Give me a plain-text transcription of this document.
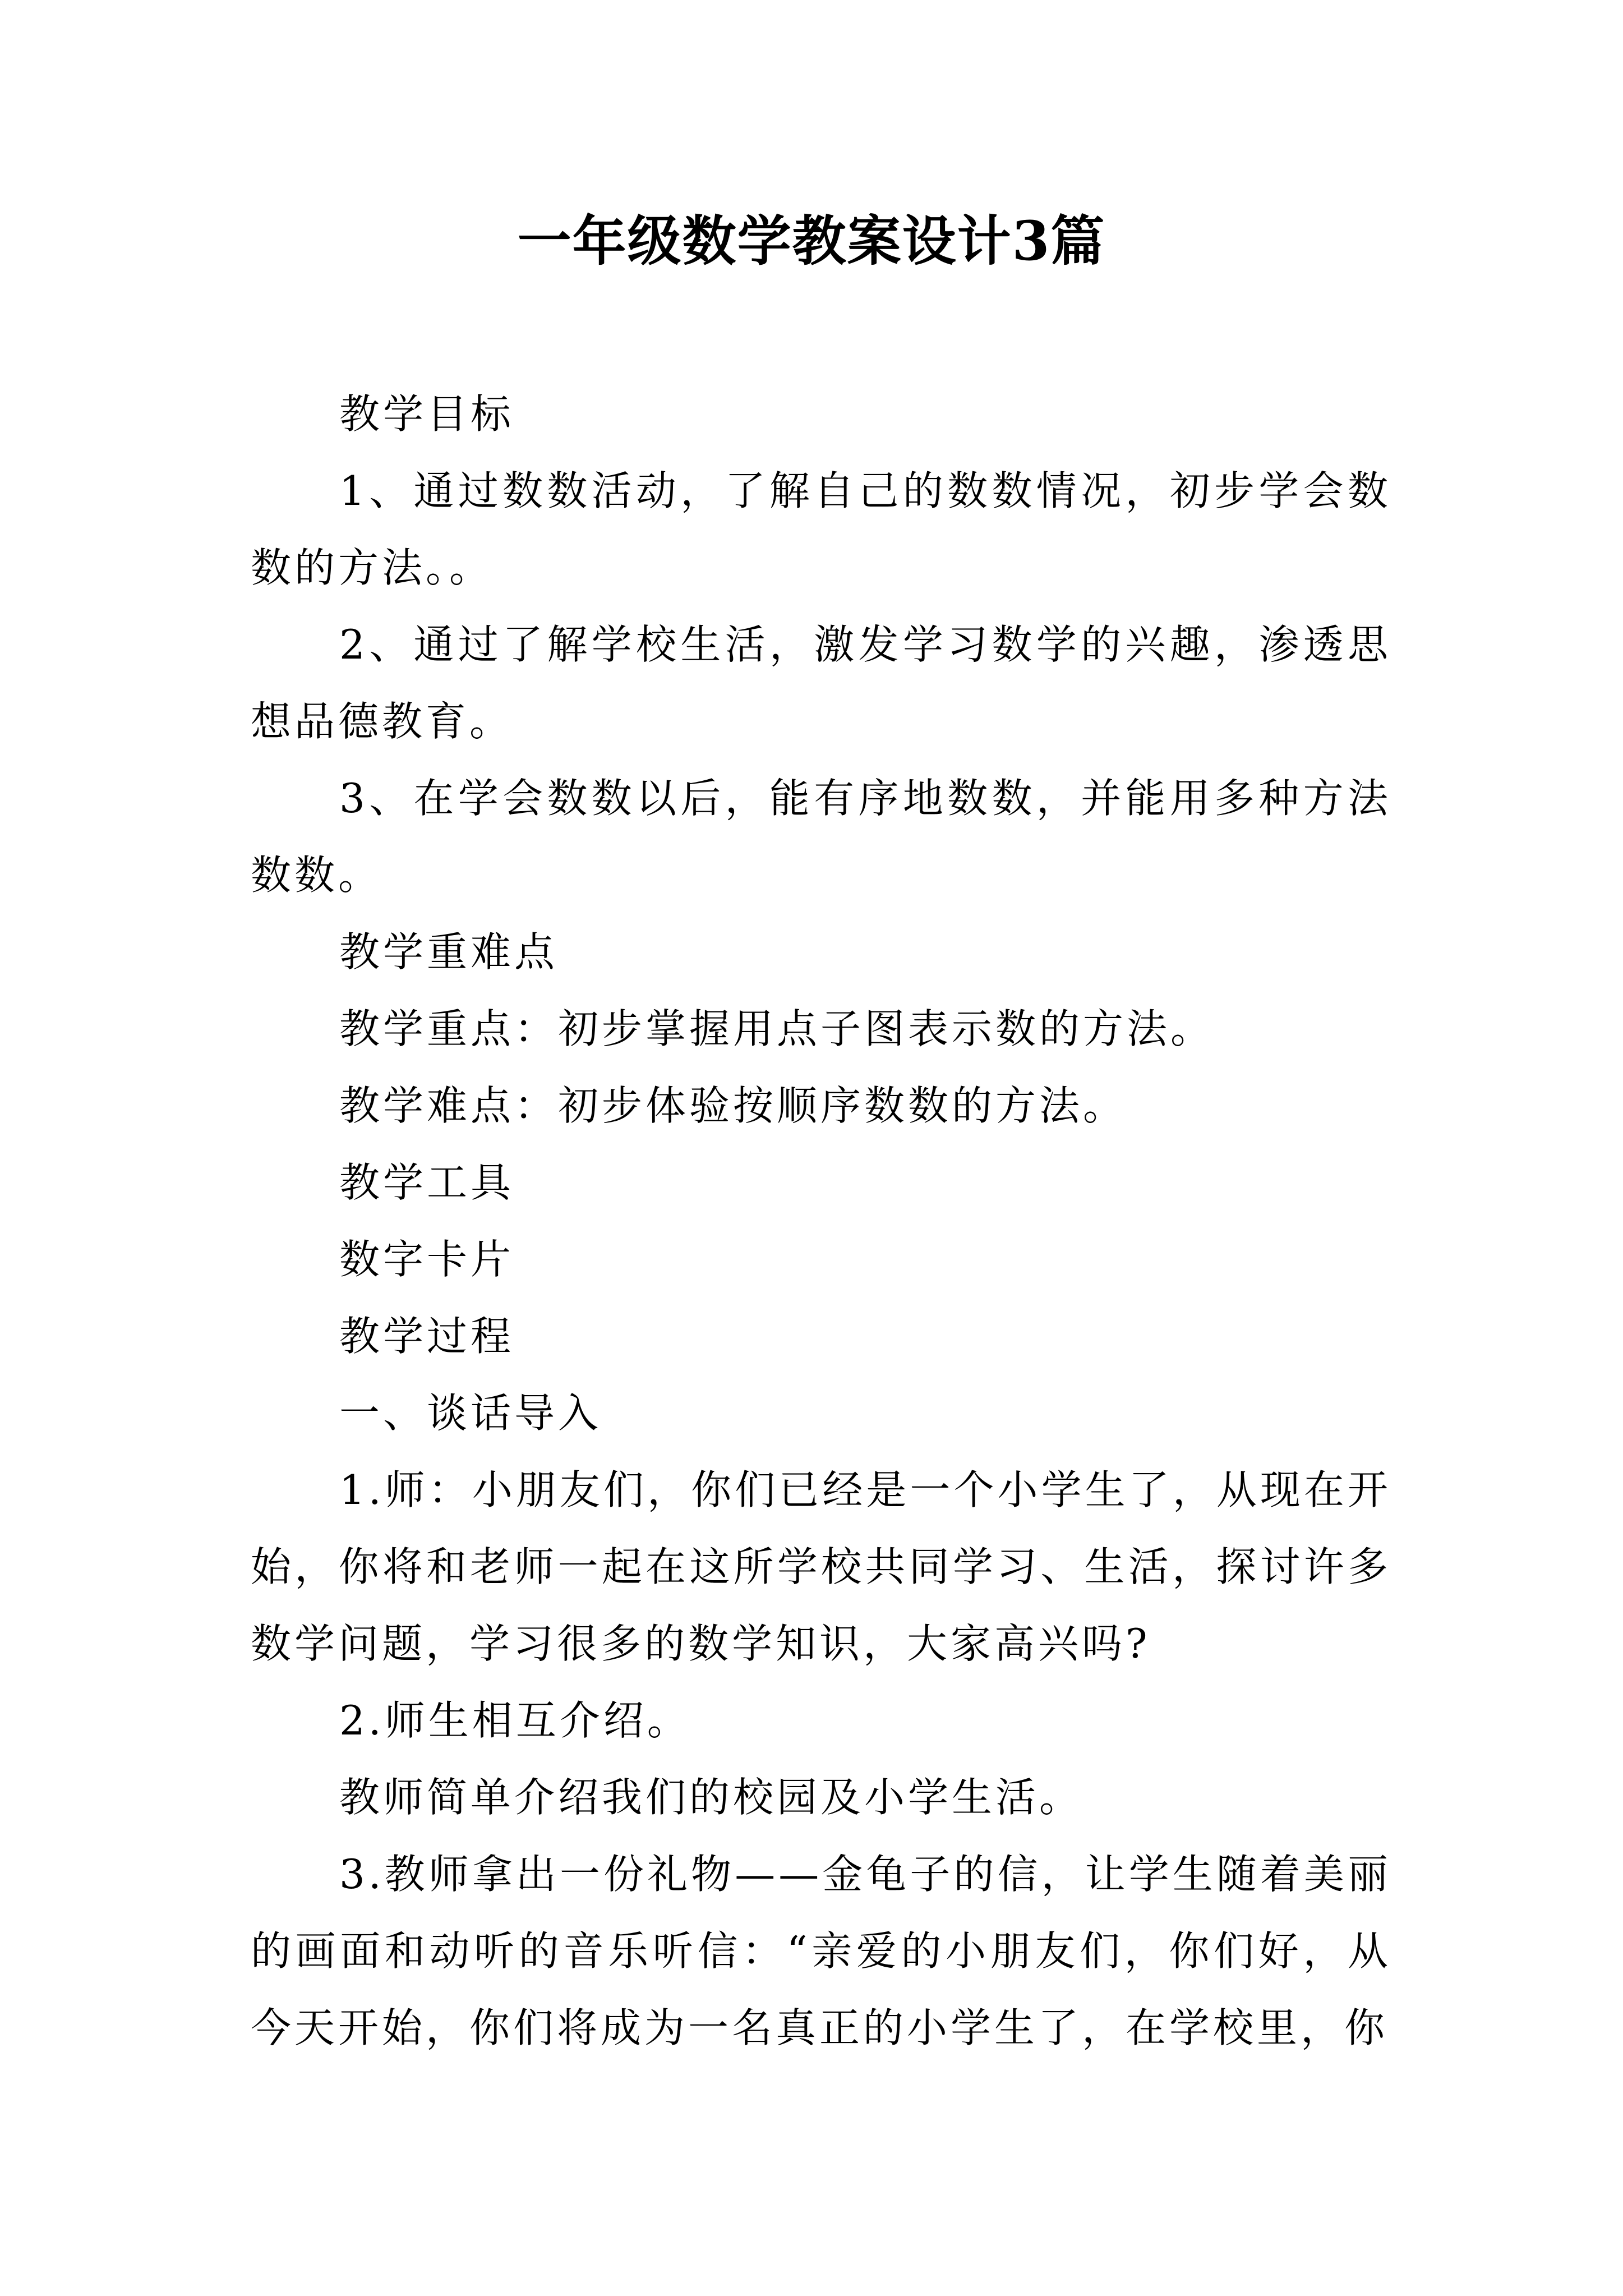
一年级数学教案设计3篇

教学目标

1、通过数数活动，了解自己的数数情况，初步学会数数的方法。。

2、通过了解学校生活，激发学习数学的兴趣，渗透思想品德教育。

3、在学会数数以后，能有序地数数，并能用多种方法数数。

教学重难点

教学重点：初步掌握用点子图表示数的方法。

教学难点：初步体验按顺序数数的方法。

教学工具

数字卡片

教学过程

一、谈话导入

1.师：小朋友们，你们已经是一个小学生了，从现在开始，你将和老师一起在这所学校共同学习、生活，探讨许多数学问题，学习很多的数学知识，大家高兴吗?

2.师生相互介绍。

教师简单介绍我们的校园及小学生活。

3.教师拿出一份礼物——金龟子的信，让学生随着美丽的画面和动听的音乐听信：“亲爱的小朋友们，你们好，从今天开始，你们将成为一名真正的小学生了，在学校里，你
